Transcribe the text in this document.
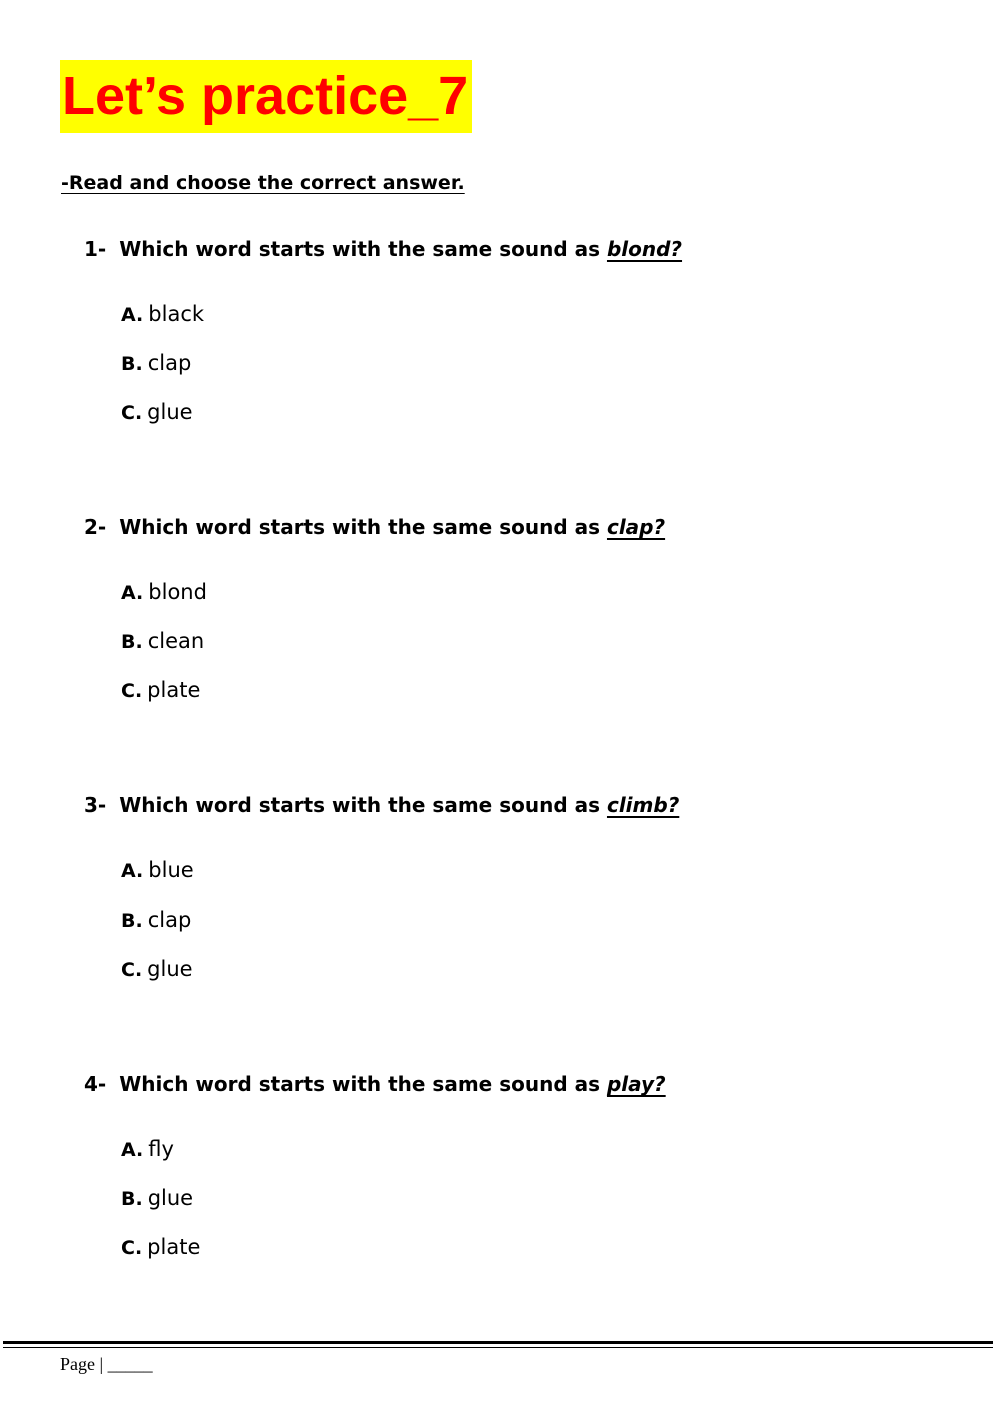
Let’s practice_7
-Read and choose the correct answer.
1- Which word starts with the same sound as blond?
A. black
B. clap
C. glue
2- Which word starts with the same sound as clap?
A. blond
B. clean
C. plate
3- Which word starts with the same sound as climb?
A. blue
B. clap
C. glue
4- Which word starts with the same sound as play?
A. fly
B. glue
C. plate
Page | _____
